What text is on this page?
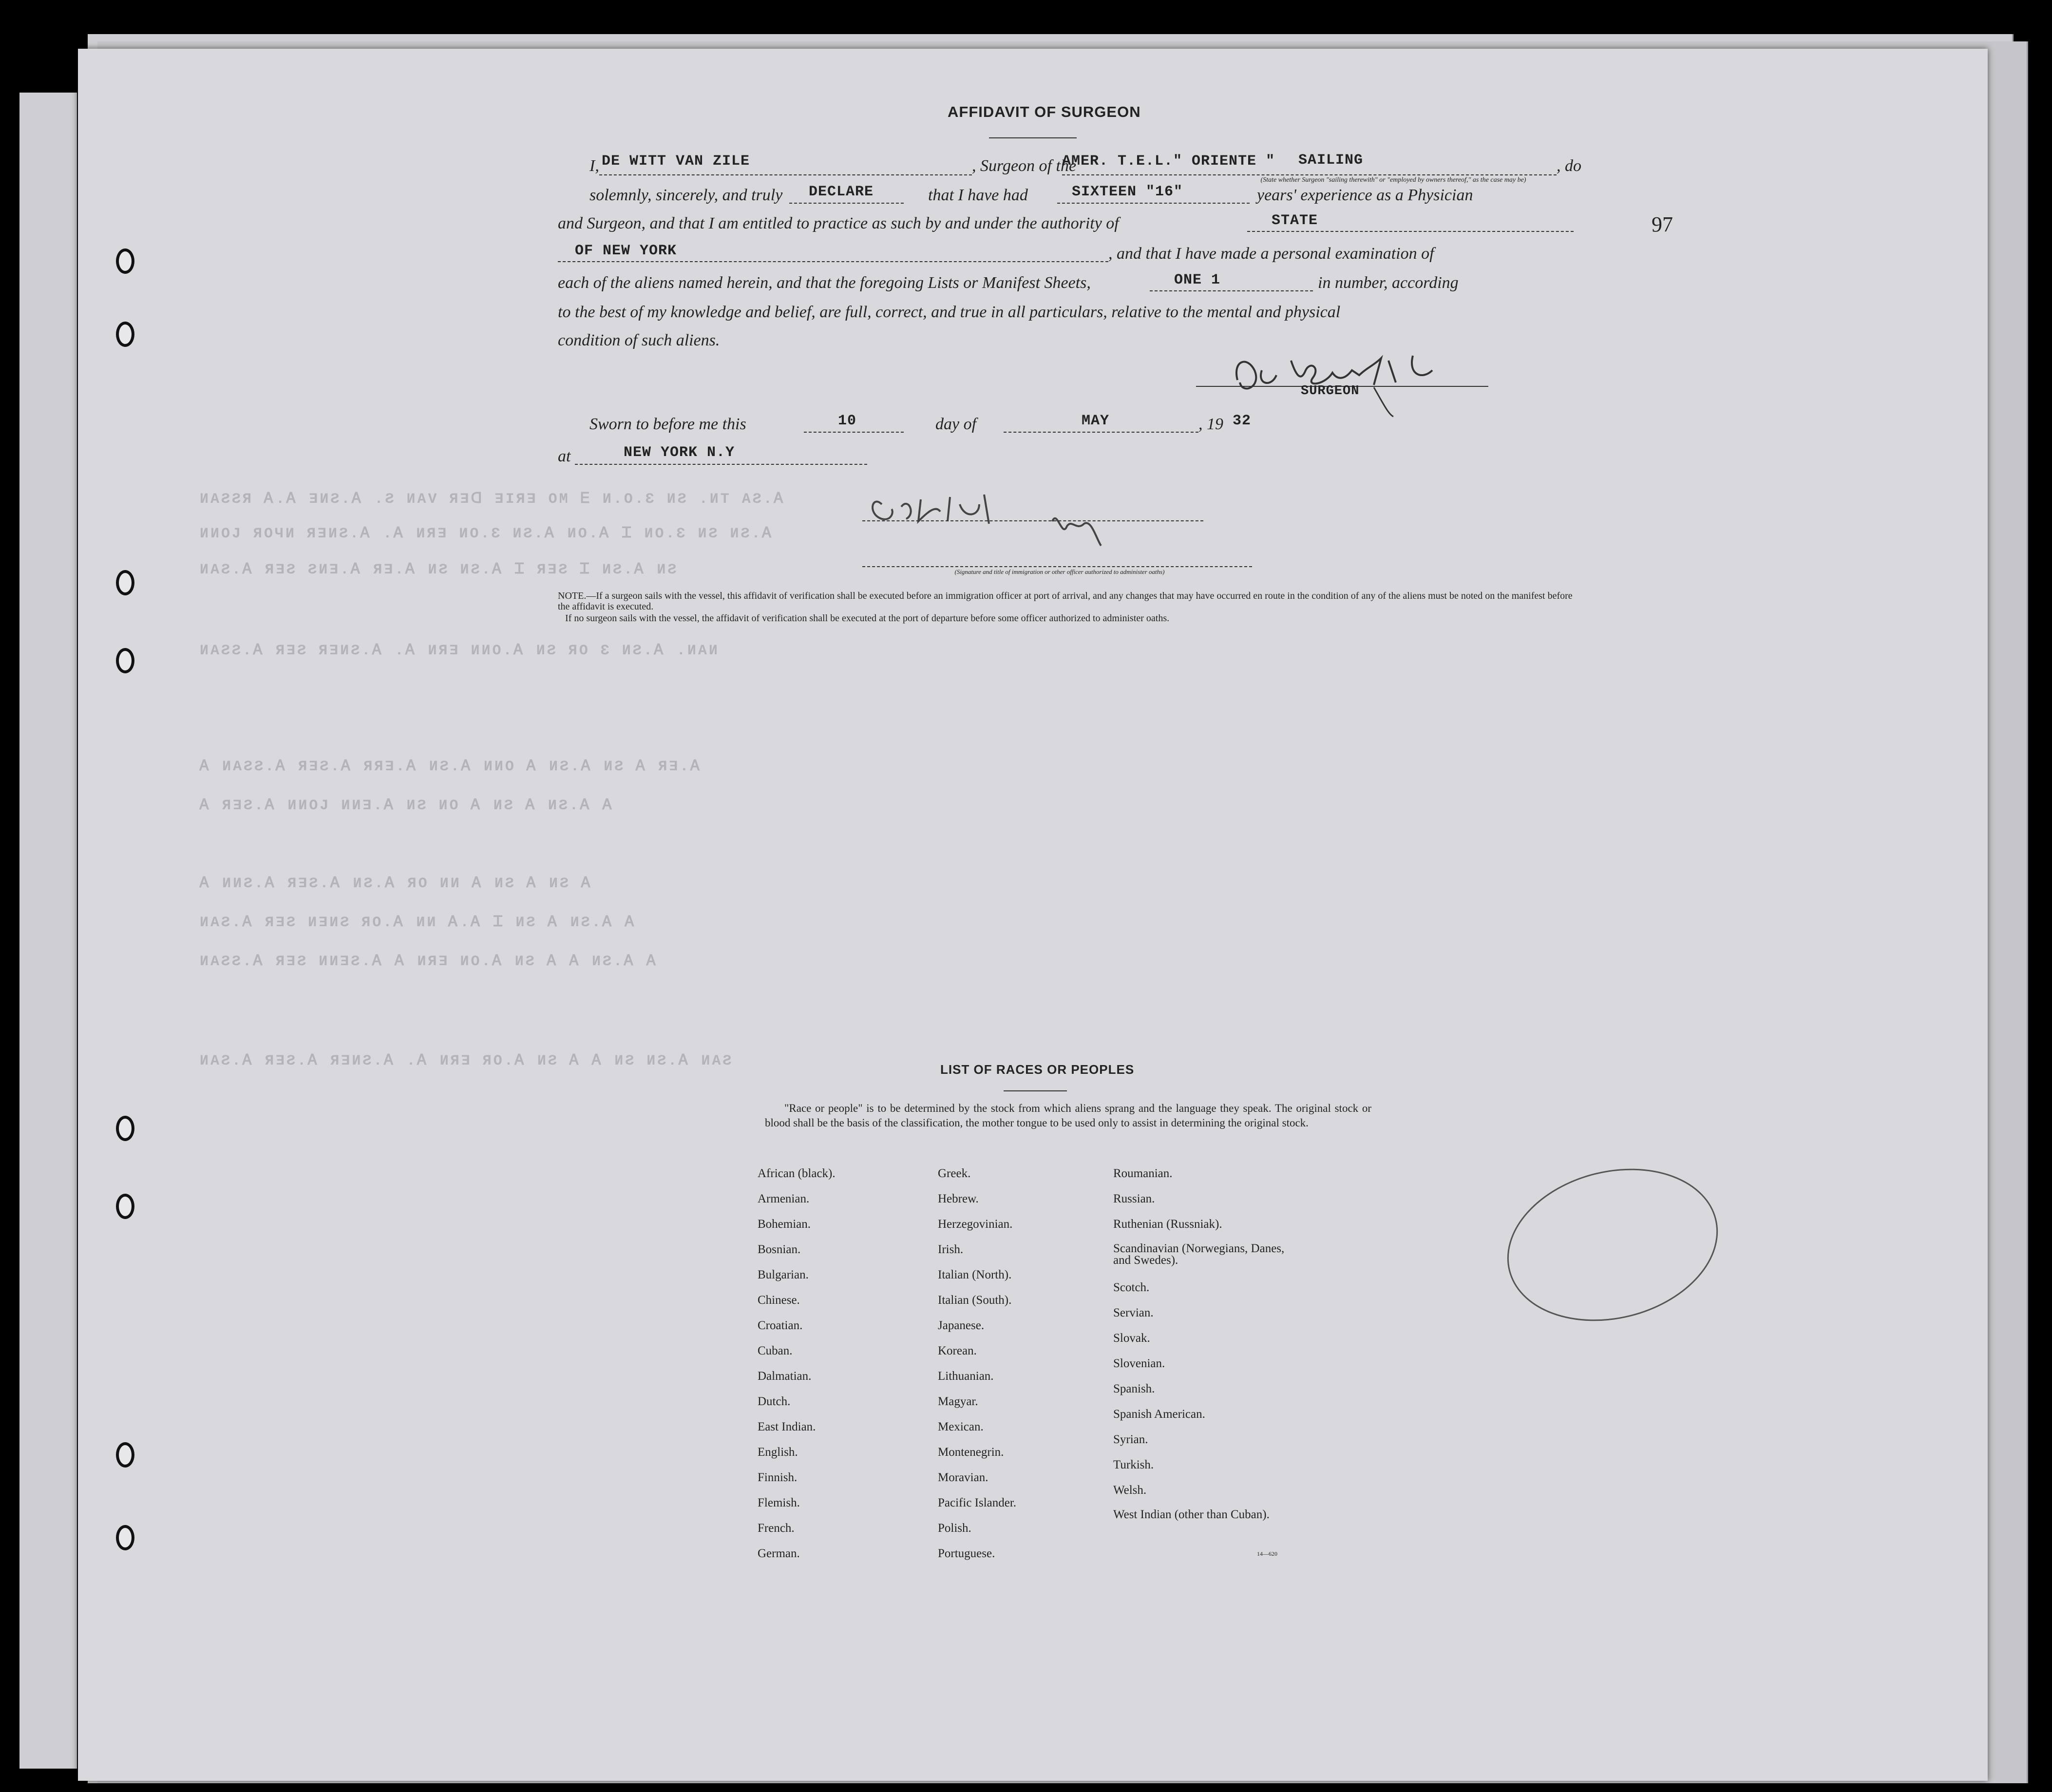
AFFIDAVIT OF SURGEON
97
I, DE WITT VAN ZILE	, Surgeon of the
AMER. T.E.L." ORIENTE " SAILING	, do
(State whether Surgeon "sailing therewith" or "employed by owners thereof," as the case may be)
solemnly, sincerely, and truly DECLARE	that I have had	SIXTEEN "16"	years' experience as a Physician
and Surgeon, and that I am entitled to practice as such by and under the authority of	STATE
OF NEW YORK	, and that I have made a personal examination of
each of the aliens named herein, and that the foregoing Lists or Manifest Sheets,	ONE 1	in number, according
to the best of my knowledge and belief, are full, correct, and true in all particulars, relative to the mental and physical
condition of such aliens.
SURGEON
Sworn to before me this	10	day of	MAY	, 19 32
at	NEW YORK N.Y
ИАƧƧЯ Ꭺ.Ꭺ ƎИƧ.Ꭺ .Ƨ ИАV ЯƎᗡ ƎIЯƎ ОМ Ꭼ И.О.Ɛ ИƧ .ИТ АƧ.Ꭺ
ИИОЈ ЯОЧИ ЯƎИƧ.Ꭺ .Ꭺ ИЯƎ ИО.Ɛ ИƧ.Ꭺ ИО.Ꭺ Ꮖ ИО.Ɛ ИƧ ИƧ.Ꭺ
ИАƧ.Ꭺ ЯƎƧ ƧИƎ.Ꭺ ЯƎ.Ꭺ ИƧ ИƧ.Ꭺ Ꮖ ЯƎƧ Ꮖ ИƧ.Ꭺ ИƧ
ИАƧƧ.Ꭺ ЯƎƧ ЯƎИƧ.Ꭺ .Ꭺ ИЯƎ ИИО.Ꭺ ИƧ ЯО Ɛ ИƧ.Ꭺ .ИАИ
Ꭺ ИАƧƧ.Ꭺ ЯƎƧ.Ꭺ ЯЯƎ.Ꭺ ИƧ.Ꭺ ИИО Ꭺ ИƧ.Ꭺ ИƧ Ꭺ ЯƎ.Ꭺ
Ꭺ ЯƎƧ.Ꭺ ИИОЈ ИИƎ.Ꭺ ИƧ ИО Ꭺ ИƧ Ꭺ ИƧ.Ꭺ Ꭺ
Ꭺ ИИƧ.Ꭺ ЯƎƧ.Ꭺ ИƧ.Ꭺ ЯО ИИ Ꭺ ИƧ Ꭺ ИƧ Ꭺ
ИАƧ.Ꭺ ЯƎƧ ИƎИƧ ЯО.Ꭺ ИИ Ꭺ.Ꭺ Ꮖ ИƧ Ꭺ ИƧ.Ꭺ Ꭺ
ИАƧƧ.Ꭺ ЯƎƧ ИИƎƧ.Ꭺ Ꭺ ИЯƎ ИО.Ꭺ ИƧ Ꭺ Ꭺ ИƧ.Ꭺ Ꭺ
ИАƧ.Ꭺ ЯƎƧ.Ꭺ ЯƎИƧ.Ꭺ .Ꭺ ИЯƎ ЯО.Ꭺ ИƧ Ꭺ Ꭺ ИƧ ИƧ.Ꭺ ИАƧ
(Signature and title of immigration or other officer authorized to administer oaths)
NOTE.—If a surgeon sails with the vessel, this affidavit of verification shall be executed before an immigration officer at port of arrival, and any changes that may have occurred en route in the condition of any of the aliens must be noted on the manifest before the affidavit is executed.
If no surgeon sails with the vessel, the affidavit of verification shall be executed at the port of departure before some officer authorized to administer oaths.
LIST OF RACES OR PEOPLES
"Race or people" is to be determined by the stock from which aliens sprang and the language they speak. The original stock or blood shall be the basis of the classification, the mother tongue to be used only to assist in determining the original stock.
African (black).
Armenian.
Bohemian.
Bosnian.
Bulgarian.
Chinese.
Croatian.
Cuban.
Dalmatian.
Dutch.
East Indian.
English.
Finnish.
Flemish.
French.
German.
Greek.
Hebrew.
Herzegovinian.
Irish.
Italian (North).
Italian (South).
Japanese.
Korean.
Lithuanian.
Magyar.
Mexican.
Montenegrin.
Moravian.
Pacific Islander.
Polish.
Portuguese.
Roumanian.
Russian.
Ruthenian (Russniak).
Scandinavian (Norwegians, Danes, and Swedes).
Scotch.
Servian.
Slovak.
Slovenian.
Spanish.
Spanish American.
Syrian.
Turkish.
Welsh.
West Indian (other than Cuban).
14—620
